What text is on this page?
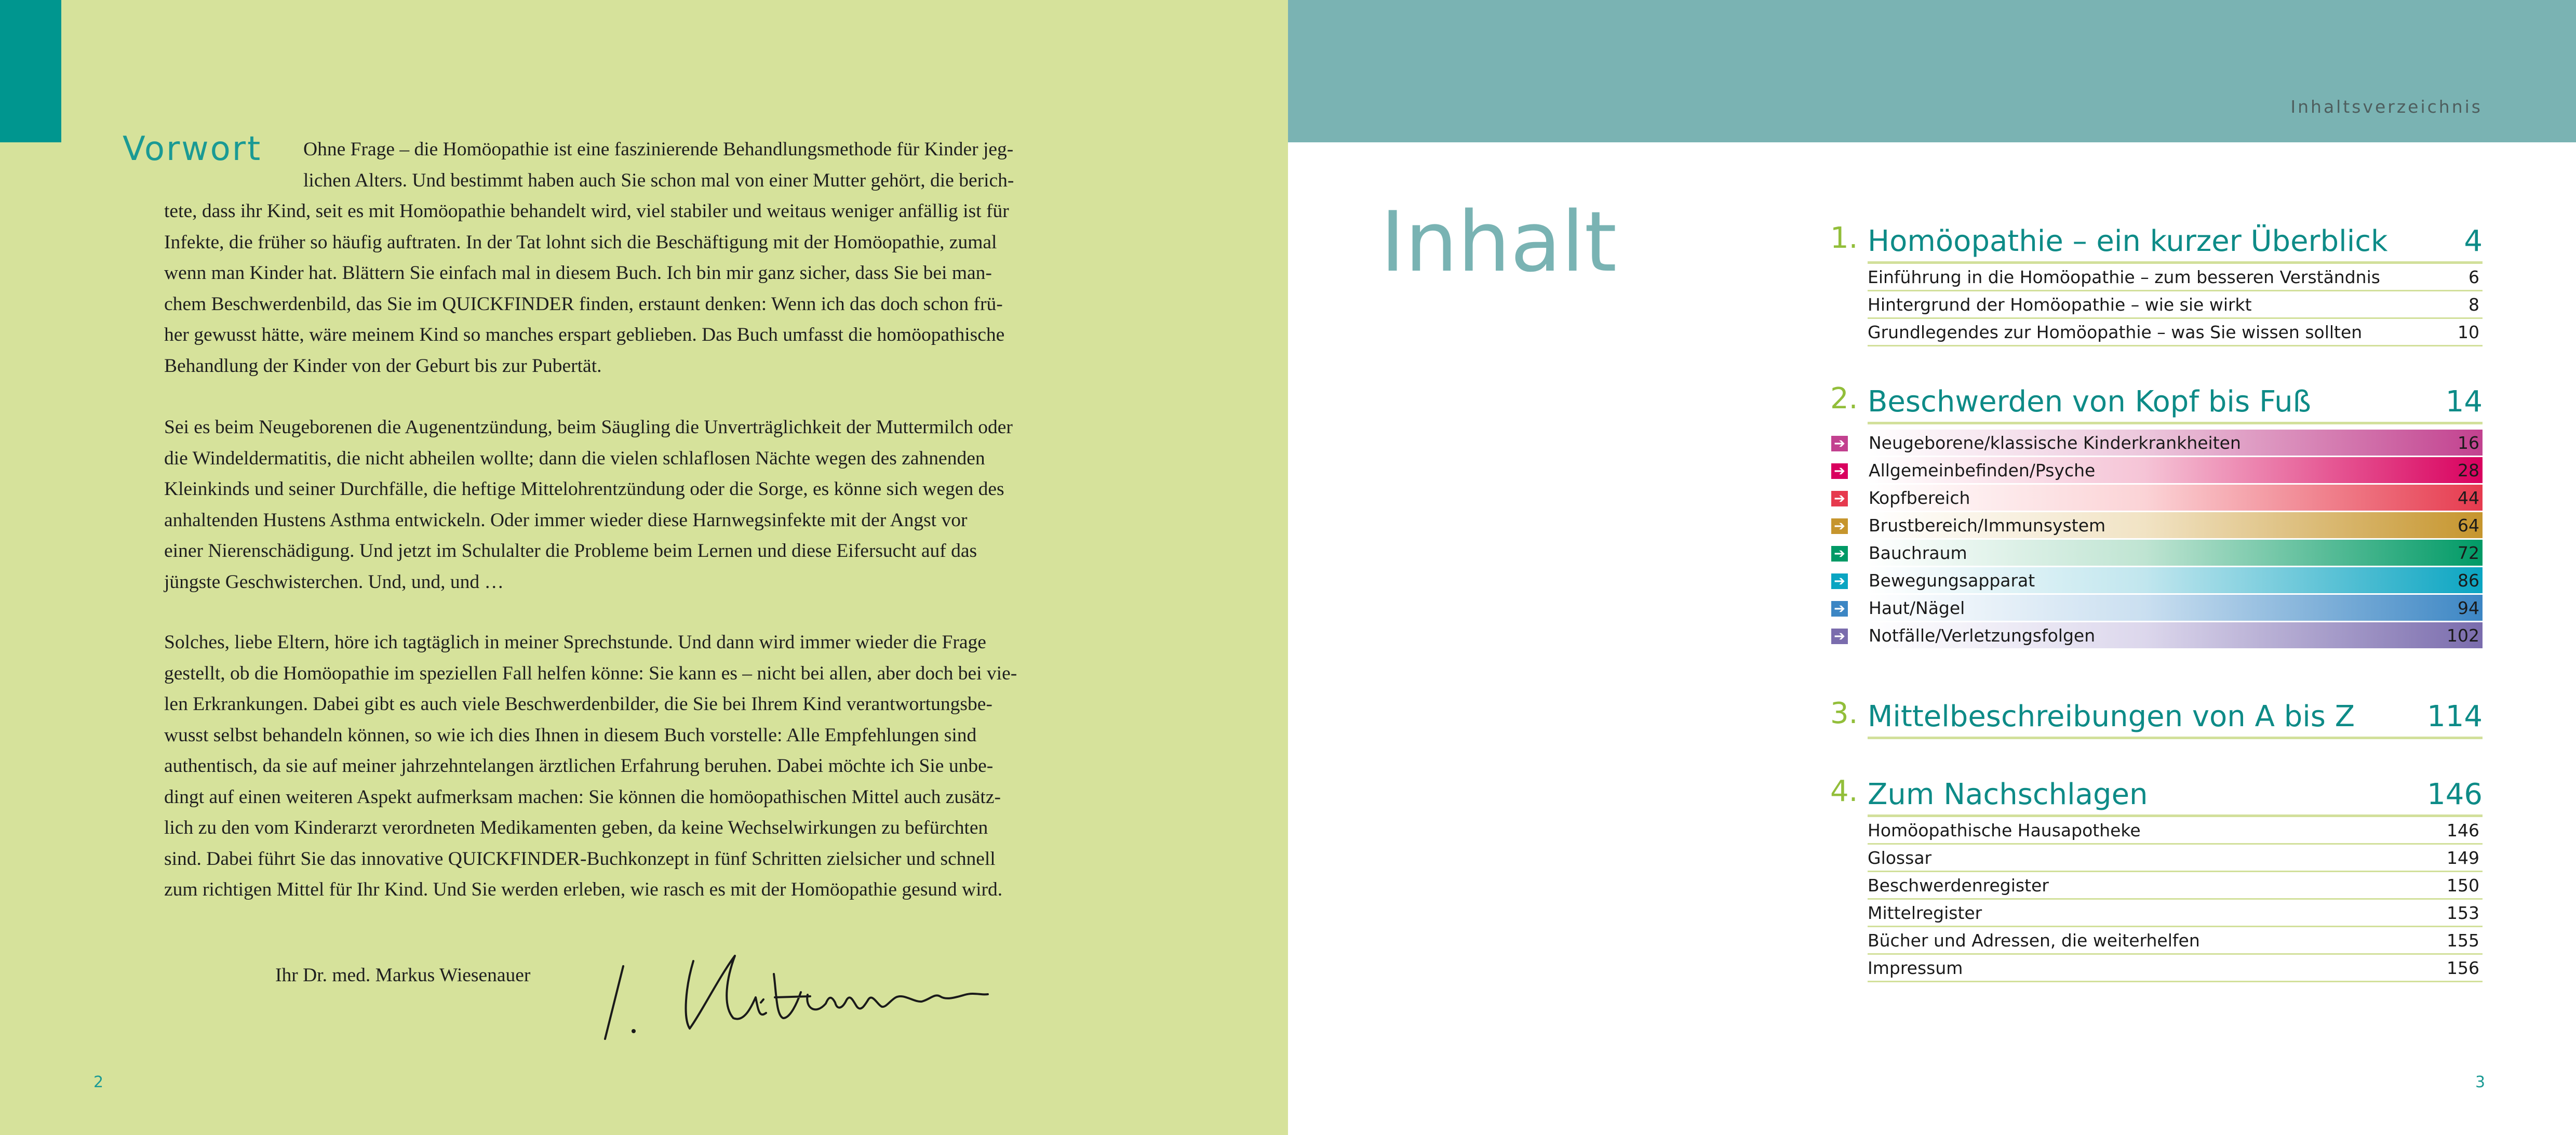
Vorwort Ohne Frage – die Homöopathie ist eine faszinierende Behandlungsmethode für Kinder jeg-
lichen Alters. Und bestimmt haben auch Sie schon mal von einer Mutter gehört, die berich-
tete, dass ihr Kind, seit es mit Homöopathie behandelt wird, viel stabiler und weitaus weniger anfällig ist für
Infekte, die früher so häufig auftraten. In der Tat lohnt sich die Beschäftigung mit der Homöopathie, zumal
wenn man Kinder hat. Blättern Sie einfach mal in diesem Buch. Ich bin mir ganz sicher, dass Sie bei man-
chem Beschwerdenbild, das Sie im QUICKFINDER finden, erstaunt denken: Wenn ich das doch schon frü-
her gewusst hätte, wäre meinem Kind so manches erspart geblieben. Das Buch umfasst die homöopathische
Behandlung der Kinder von der Geburt bis zur Pubertät.
Sei es beim Neugeborenen die Augenentzündung, beim Säugling die Unverträglichkeit der Muttermilch oder
die Windeldermatitis, die nicht abheilen wollte; dann die vielen schlaflosen Nächte wegen des zahnenden
Kleinkinds und seiner Durchfälle, die heftige Mittelohrentzündung oder die Sorge, es könne sich wegen des
anhaltenden Hustens Asthma entwickeln. Oder immer wieder diese Harnwegsinfekte mit der Angst vor
einer Nierenschädigung. Und jetzt im Schulalter die Probleme beim Lernen und diese Eifersucht auf das
jüngste Geschwisterchen. Und, und, und …
Solches, liebe Eltern, höre ich tagtäglich in meiner Sprechstunde. Und dann wird immer wieder die Frage
gestellt, ob die Homöopathie im speziellen Fall helfen könne: Sie kann es – nicht bei allen, aber doch bei vie-
len Erkrankungen. Dabei gibt es auch viele Beschwerdenbilder, die Sie bei Ihrem Kind verantwortungsbe-
wusst selbst behandeln können, so wie ich dies Ihnen in diesem Buch vorstelle: Alle Empfehlungen sind
authentisch, da sie auf meiner jahrzehntelangen ärztlichen Erfahrung beruhen. Dabei möchte ich Sie unbe-
dingt auf einen weiteren Aspekt aufmerksam machen: Sie können die homöopathischen Mittel auch zusätz-
lich zu den vom Kinderarzt verordneten Medikamenten geben, da keine Wechselwirkungen zu befürchten
sind. Dabei führt Sie das innovative QUICKFINDER-Buchkonzept in fünf Schritten zielsicher und schnell
zum richtigen Mittel für Ihr Kind. Und Sie werden erleben, wie rasch es mit der Homöopathie gesund wird.
Ihr Dr. med. Markus Wiesenauer
2
Inhaltsverzeichnis
Inhalt	1. Homöopathie – ein kurzer Überblick	4
Einführung in die Homöopathie – zum besseren Verständnis	6
Hintergrund der Homöopathie – wie sie wirkt	8
Grundlegendes zur Homöopathie – was Sie wissen sollten	10
2. Beschwerden von Kopf bis Fuß	14
➔ Neugeborene/klassische Kinderkrankheiten	16
➔ Allgemeinbefinden/Psyche	28
➔ Kopfbereich	44
➔ Brustbereich/Immunsystem	64
➔ Bauchraum	72
➔ Bewegungsapparat	86
➔ Haut/Nägel	94
➔ Notfälle/Verletzungsfolgen	102
3. Mittelbeschreibungen von A bis Z	114
4. Zum Nachschlagen	146
Homöopathische Hausapotheke	146
Glossar	149
Beschwerdenregister	150
Mittelregister	153
Bücher und Adressen, die weiterhelfen	155
Impressum	156
3
